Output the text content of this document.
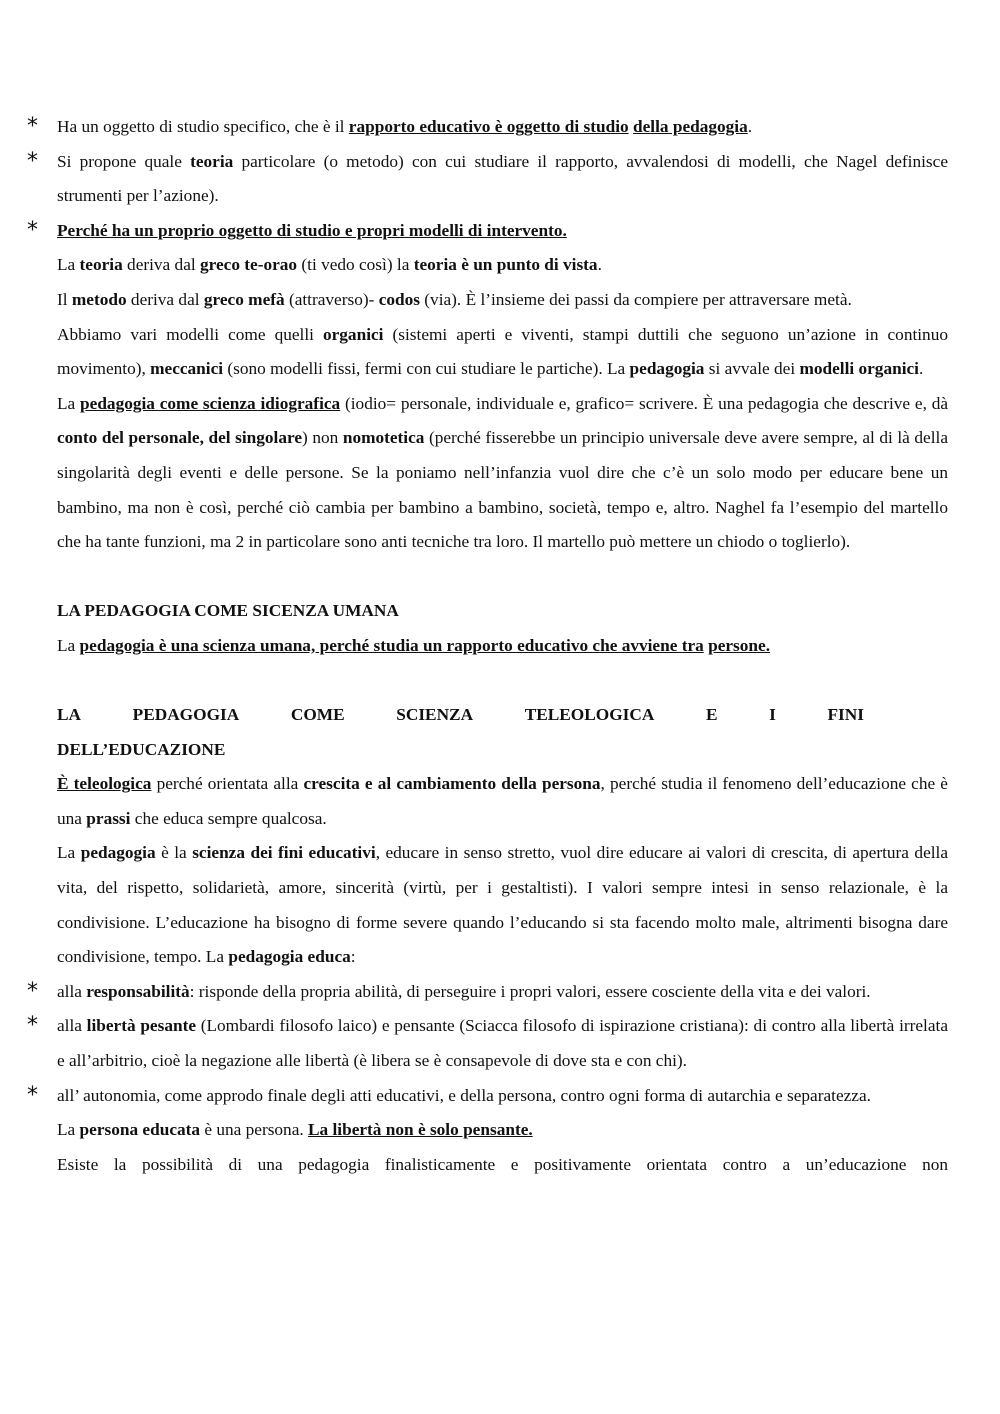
* Ha un oggetto di studio specifico, che è il rapporto educativo è oggetto di studio della pedagogia.
* Si propone quale teoria particolare (o metodo) con cui studiare il rapporto, avvalendosi di modelli, che Nagel definisce strumenti per l’azione).
* Perché ha un proprio oggetto di studio e propri modelli di intervento.

La teoria deriva dal greco te-orao (ti vedo così) la teoria è un punto di vista.

Il metodo deriva dal greco mefà (attraverso)- codos (via). È l’insieme dei passi da compiere per attraversare metà.

Abbiamo vari modelli come quelli organici (sistemi aperti e viventi, stampi duttili che seguono un’azione in continuo movimento), meccanici (sono modelli fissi, fermi con cui studiare le partiche). La pedagogia si avvale dei modelli organici.

La pedagogia come scienza idiografica (iodio= personale, individuale e, grafico= scrivere. È una pedagogia che descrive e, dà conto del personale, del singolare) non nomotetica (perché fisserebbe un principio universale deve avere sempre, al di là della singolarità degli eventi e delle persone. Se la poniamo nell’infanzia vuol dire che c’è un solo modo per educare bene un bambino, ma non è così, perché ciò cambia per bambino a bambino, società, tempo e, altro. Naghel fa l’esempio del martello che ha tante funzioni, ma 2 in particolare sono anti tecniche tra loro. Il martello può mettere un chiodo o toglierlo).

LA PEDAGOGIA COME SICENZA UMANA

La pedagogia è una scienza umana, perché studia un rapporto educativo che avviene tra persone.

LA	PEDAGOGIA	COME	SCIENZA	TELEOLOGICA	E	I	FINI

DELL’EDUCAZIONE

È teleologica perché orientata alla crescita e al cambiamento della persona, perché studia il fenomeno dell’educazione che è una prassi che educa sempre qualcosa.

La pedagogia è la scienza dei fini educativi, educare in senso stretto, vuol dire educare ai valori di crescita, di apertura della vita, del rispetto, solidarietà, amore, sincerità (virtù, per i gestaltisti). I valori sempre intesi in senso relazionale, è la condivisione. L’educazione ha bisogno di forme severe quando l’educando si sta facendo molto male, altrimenti bisogna dare condivisione, tempo. La pedagogia educa:

* alla responsabilità: risponde della propria abilità, di perseguire i propri valori, essere cosciente della vita e dei valori.
* alla libertà pesante (Lombardi filosofo laico) e pensante (Sciacca filosofo di ispirazione cristiana): di contro alla libertà irrelata e all’arbitrio, cioè la negazione alle libertà (è libera se è consapevole di dove sta e con chi).
* all’ autonomia, come approdo finale degli atti educativi, e della persona, contro ogni forma di autarchia e separatezza.

La persona educata è una persona. La libertà non è solo pensante.

Esiste la possibilità di una pedagogia finalisticamente e positivamente orientata contro a un’educazione non
